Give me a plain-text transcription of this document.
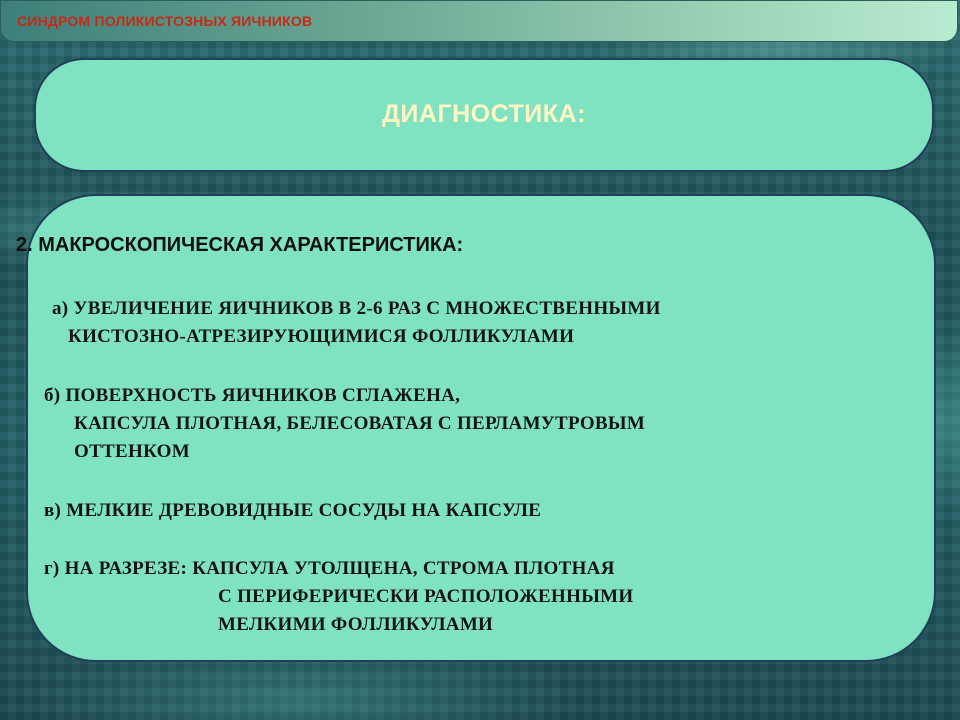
СИНДРОМ ПОЛИКИСТОЗНЫХ ЯИЧНИКОВ
ДИАГНОСТИКА:
2. МАКРОСКОПИЧЕСКАЯ ХАРАКТЕРИСТИКА:
а) УВЕЛИЧЕНИЕ ЯИЧНИКОВ В 2-6 РАЗ С МНОЖЕСТВЕННЫМИ
КИСТОЗНО-АТРЕЗИРУЮЩИМИСЯ ФОЛЛИКУЛАМИ
б) ПОВЕРХНОСТЬ ЯИЧНИКОВ СГЛАЖЕНА,
КАПСУЛА ПЛОТНАЯ, БЕЛЕСОВАТАЯ С ПЕРЛАМУТРОВЫМ
ОТТЕНКОМ
в) МЕЛКИЕ ДРЕВОВИДНЫЕ СОСУДЫ НА КАПСУЛЕ
г) НА РАЗРЕЗЕ: КАПСУЛА УТОЛЩЕНА, СТРОМА ПЛОТНАЯ
С ПЕРИФЕРИЧЕСКИ РАСПОЛОЖЕННЫМИ
МЕЛКИМИ ФОЛЛИКУЛАМИ
